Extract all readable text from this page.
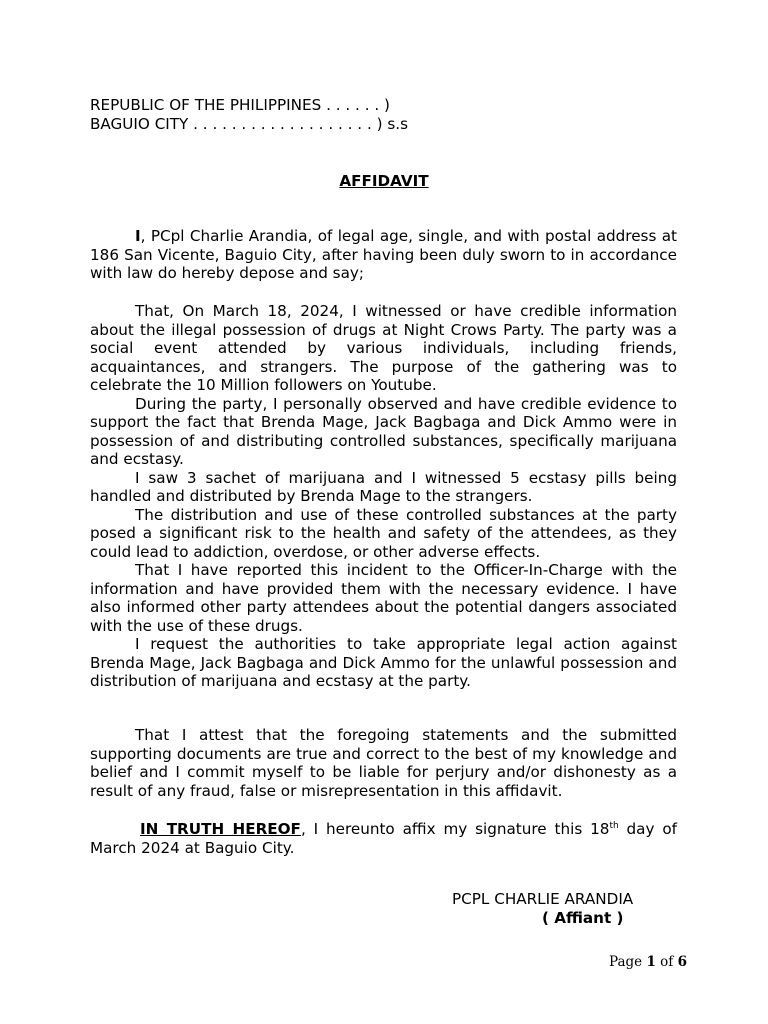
REPUBLIC OF THE PHILIPPINES . . . . . . )
BAGUIO CITY . . . . . . . . . . . . . . . . . . . ) s.s
AFFIDAVIT

I, PCpl Charlie Arandia, of legal age, single, and with postal address at 186 San Vicente, Baguio City, after having been duly sworn to in accordance with law do hereby depose and say;

That, On March 18, 2024, I witnessed or have credible information about the illegal possession of drugs at Night Crows Party. The party was a social event attended by various individuals, including friends, acquaintances, and strangers. The purpose of the gathering was to celebrate the 10 Million followers on Youtube.

During the party, I personally observed and have credible evidence to support the fact that Brenda Mage, Jack Bagbaga and Dick Ammo were in possession of and distributing controlled substances, specifically marijuana and ecstasy.

I saw 3 sachet of marijuana and I witnessed 5 ecstasy pills being handled and distributed by Brenda Mage to the strangers.

The distribution and use of these controlled substances at the party posed a significant risk to the health and safety of the attendees, as they could lead to addiction, overdose, or other adverse effects.

That I have reported this incident to the Officer-In-Charge with the information and have provided them with the necessary evidence. I have also informed other party attendees about the potential dangers associated with the use of these drugs.

I request the authorities to take appropriate legal action against Brenda Mage, Jack Bagbaga and Dick Ammo for the unlawful possession and distribution of marijuana and ecstasy at the party.

That I attest that the foregoing statements and the submitted supporting documents are true and correct to the best of my knowledge and belief and I commit myself to be liable for perjury and/or dishonesty as a result of any fraud, false or misrepresentation in this affidavit.

IN TRUTH HEREOF, I hereunto affix my signature this 18th day of March 2024 at Baguio City.

PCPL CHARLIE ARANDIA
( Affiant )
Page 1 of 6
